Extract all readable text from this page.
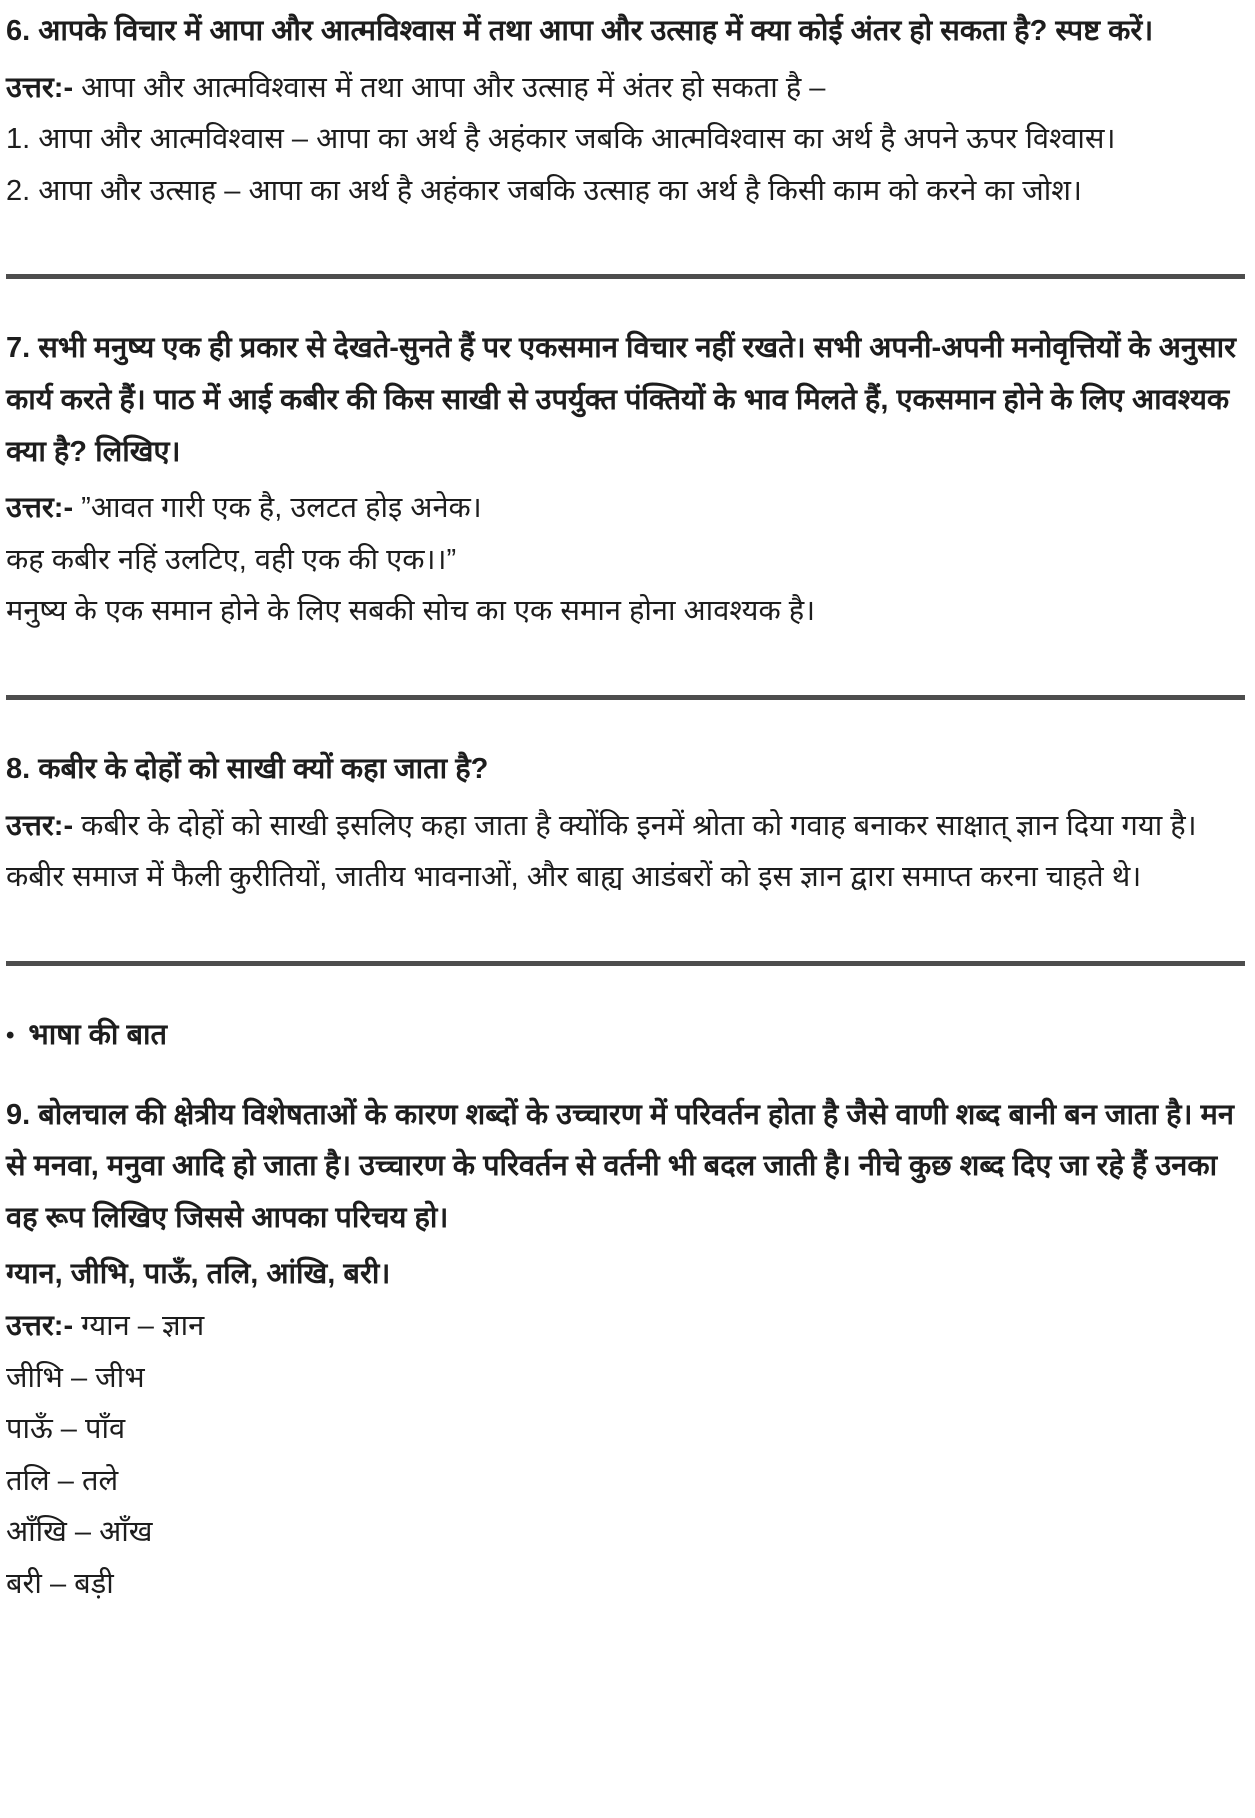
6. आपके विचार में आपा और आत्मविश्वास में तथा आपा और उत्साह में क्या कोई अंतर हो सकता है? स्पष्ट करें।

उत्तर:- आपा और आत्मविश्वास में तथा आपा और उत्साह में अंतर हो सकता है –

1. आपा और आत्मविश्वास – आपा का अर्थ है अहंकार जबकि आत्मविश्वास का अर्थ है अपने ऊपर विश्वास।

2. आपा और उत्साह – आपा का अर्थ है अहंकार जबकि उत्साह का अर्थ है किसी काम को करने का जोश।

7. सभी मनुष्य एक ही प्रकार से देखते-सुनते हैं पर एकसमान विचार नहीं रखते। सभी अपनी-अपनी मनोवृत्तियों के अनुसार कार्य करते हैं। पाठ में आई कबीर की किस साखी से उपर्युक्त पंक्तियों के भाव मिलते हैं, एकसमान होने के लिए आवश्यक क्या है? लिखिए।

उत्तर:- ”आवत गारी एक है, उलटत होइ अनेक।

कह कबीर नहिं उलटिए, वही एक की एक।।”

मनुष्य के एक समान होने के लिए सबकी सोच का एक समान होना आवश्यक है।

8. कबीर के दोहों को साखी क्यों कहा जाता है?

उत्तर:- कबीर के दोहों को साखी इसलिए कहा जाता है क्योंकि इनमें श्रोता को गवाह बनाकर साक्षात् ज्ञान दिया गया है। कबीर समाज में फैली कुरीतियों, जातीय भावनाओं, और बाह्य आडंबरों को इस ज्ञान द्वारा समाप्त करना चाहते थे।

• भाषा की बात
9. बोलचाल की क्षेत्रीय विशेषताओं के कारण शब्दों के उच्चारण में परिवर्तन होता है जैसे वाणी शब्द बानी बन जाता है। मन से मनवा, मनुवा आदि हो जाता है। उच्चारण के परिवर्तन से वर्तनी भी बदल जाती है। नीचे कुछ शब्द दिए जा रहे हैं उनका वह रूप लिखिए जिससे आपका परिचय हो।

ग्यान, जीभि, पाऊँ, तलि, आंखि, बरी।

उत्तर:- ग्यान – ज्ञान

जीभि – जीभ

पाऊँ – पाँव

तलि – तले

आँखि – आँख

बरी – बड़ी
